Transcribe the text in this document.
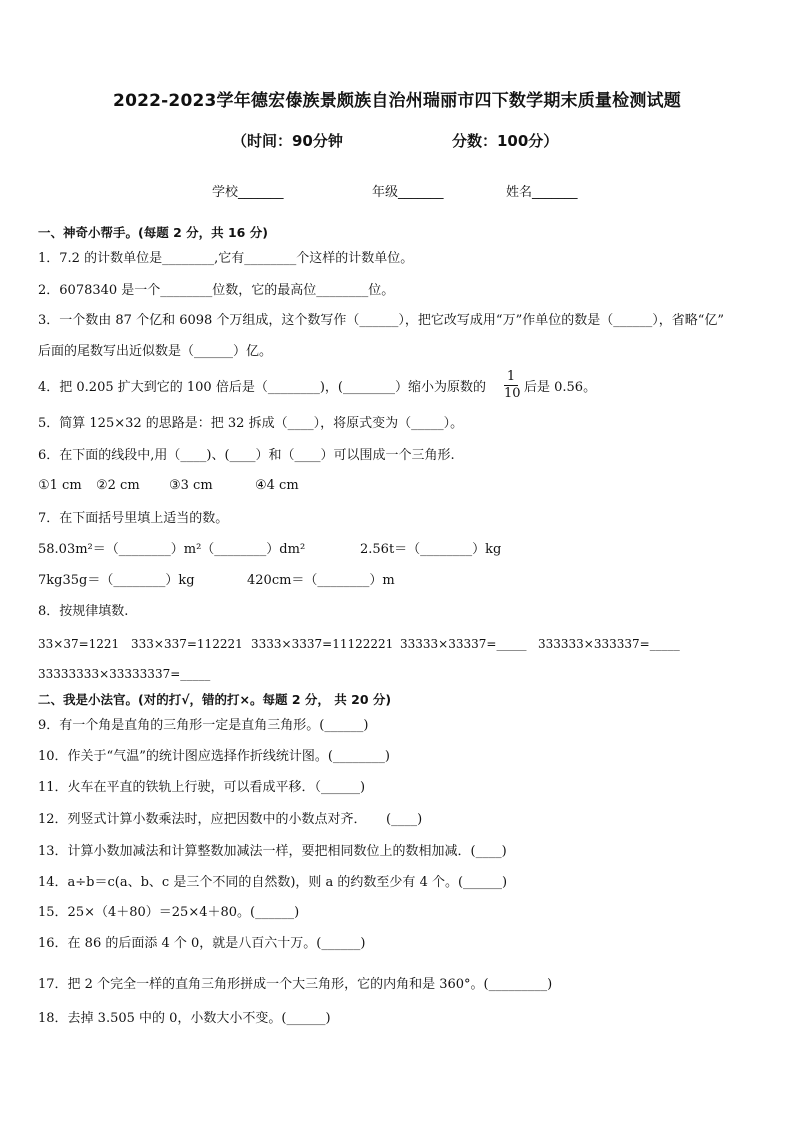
2022-2023学年德宏傣族景颇族自治州瑞丽市四下数学期末质量检测试题
（时间：90分钟	分数：100分）
学校_______	年级_______	姓名_______
一、神奇小帮手。(每题 2 分，共 16 分)
1．7.2 的计数单位是________,它有________个这样的计数单位。
2．6078340 是一个________位数，它的最高位________位。
3．一个数由 87 个亿和 6098 个万组成，这个数写作（______），把它改写成用“万”作单位的数是（______），省略“亿”
后面的尾数写出近似数是（______）亿。
4．把 0.205 扩大到它的 100 倍后是（________)，(________）缩小为原数的 $\frac{1}{10}$ 后是 0.56。
5．简算 125×32 的思路是：把 32 拆成（____），将原式变为（_____）。
6．在下面的线段中,用（____)、(____）和（____）可以围成一个三角形.
①1 cm ②2 cm ③3 cm	④4 cm
7．在下面括号里填上适当的数。
58.03m²＝（________）m²（________）dm²	2.56t＝（________）kg
7kg35g＝（________）kg	420cm＝（________）m
8．按规律填数.
33×37=1221 333×337=112221 3333×3337=11122221 33333×33337=_____ 333333×333337=_____
33333333×33333337=_____
二、我是小法官。(对的打√，错的打×。每题 2 分， 共 20 分)
9．有一个角是直角的三角形一定是直角三角形。(______)
10．作关于“气温”的统计图应选择作折线统计图。(________)
11．火车在平直的铁轨上行驶，可以看成平移．（______)
12．列竖式计算小数乘法时，应把因数中的小数点对齐．　　(____)
13．计算小数加减法和计算整数加减法一样，要把相同数位上的数相加减．(____)
14．a÷b＝c(a、b、c 是三个不同的自然数)，则 a 的约数至少有 4 个。(______)
15．25×（4＋80）＝25×4＋80。(______)
16．在 86 的后面添 4 个 0，就是八百六十万。(______)
17．把 2 个完全一样的直角三角形拼成一个大三角形，它的内角和是 360°。(_________)
18．去掉 3.505 中的 0，小数大小不变。(______)
